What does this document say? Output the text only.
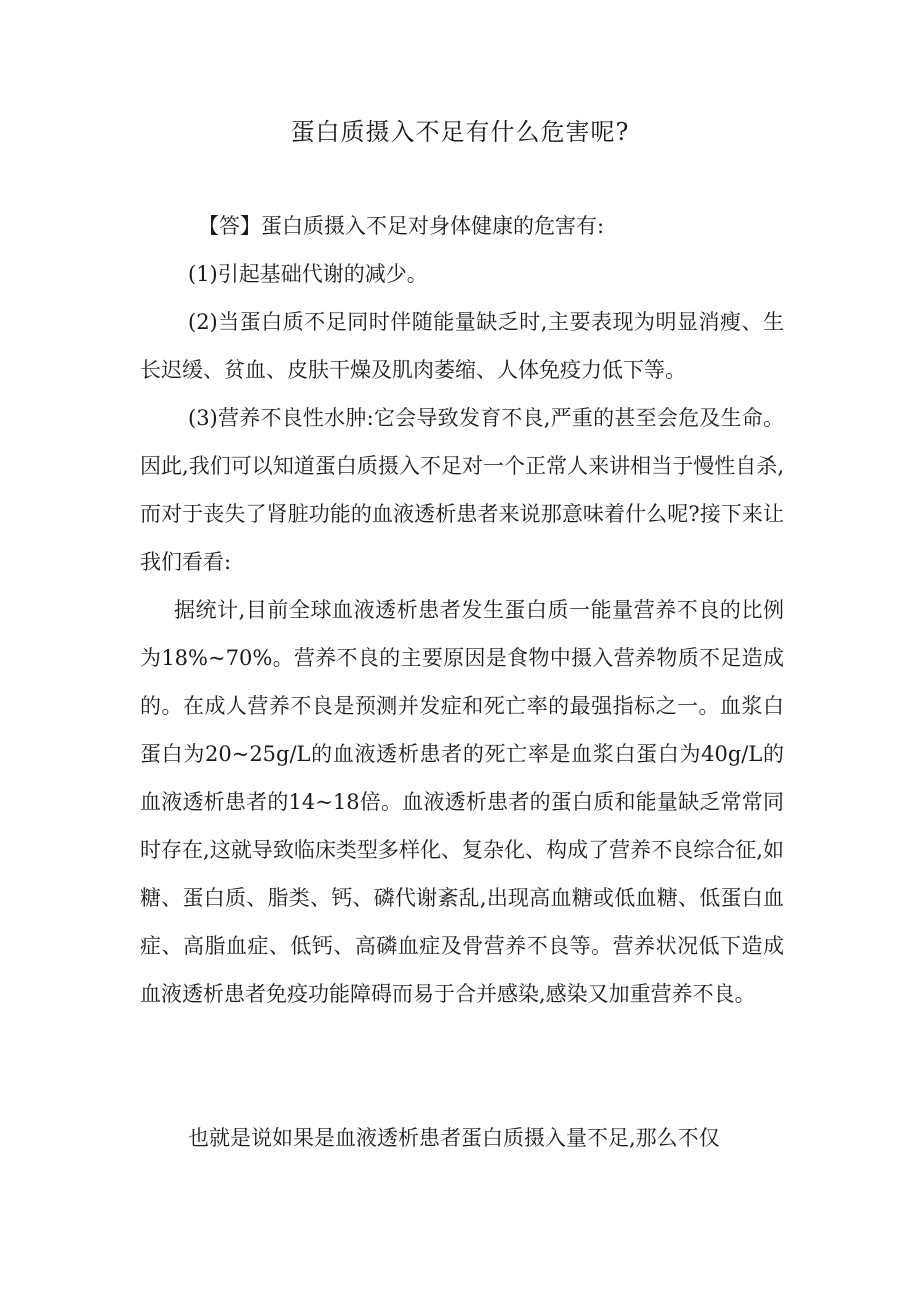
蛋白质摄入不足有什么危害呢?

【答】蛋白质摄入不足对身体健康的危害有:

(1)引起基础代谢的减少。

(2)当蛋白质不足同时伴随能量缺乏时,主要表现为明显消瘦、生长迟缓、贫血、皮肤干燥及肌肉萎缩、人体免疫力低下等。

(3)营养不良性水肿:它会导致发育不良,严重的甚至会危及生命。因此,我们可以知道蛋白质摄入不足对一个正常人来讲相当于慢性自杀,而对于丧失了肾脏功能的血液透析患者来说那意味着什么呢?接下来让我们看看:

据统计,目前全球血液透析患者发生蛋白质一能量营养不良的比例为18%~70%。营养不良的主要原因是食物中摄入营养物质不足造成的。在成人营养不良是预测并发症和死亡率的最强指标之一。血浆白蛋白为20~25g/L的血液透析患者的死亡率是血浆白蛋白为40g/L的血液透析患者的14~18倍。血液透析患者的蛋白质和能量缺乏常常同时存在,这就导致临床类型多样化、复杂化、构成了营养不良综合征,如糖、蛋白质、脂类、钙、磷代谢紊乱,出现高血糖或低血糖、低蛋白血症、高脂血症、低钙、高磷血症及骨营养不良等。营养状况低下造成血液透析患者免疫功能障碍而易于合并感染,感染又加重营养不良。

也就是说如果是血液透析患者蛋白质摄入量不足,那么不仅
